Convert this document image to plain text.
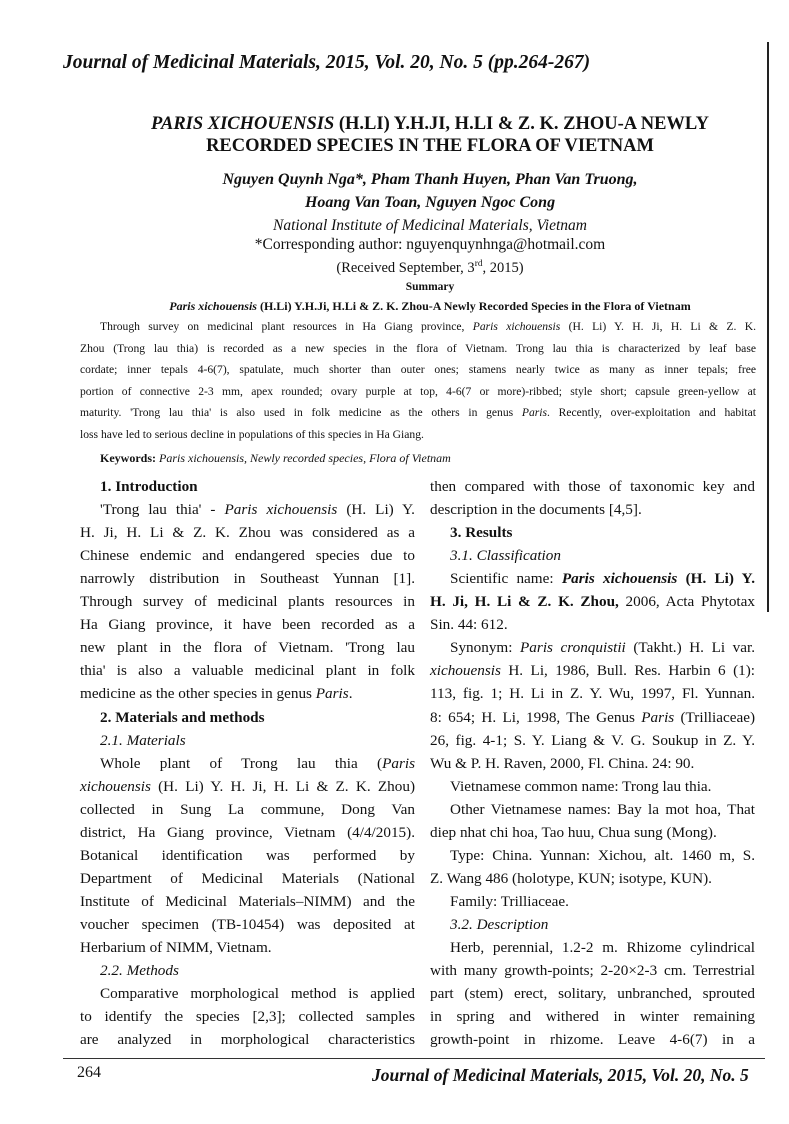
Journal of Medicinal Materials, 2015, Vol. 20, No. 5 (pp.264-267)
PARIS XICHOUENSIS (H.LI) Y.H.JI, H.LI & Z. K. ZHOU-A NEWLY
RECORDED SPECIES IN THE FLORA OF VIETNAM
Nguyen Quynh Nga*, Pham Thanh Huyen, Phan Van Truong,
Hoang Van Toan, Nguyen Ngoc Cong
National Institute of Medicinal Materials, Vietnam
*Corresponding author: nguyenquynhnga@hotmail.com
(Received September, 3rd, 2015)
Summary
Paris xichouensis (H.Li) Y.H.Ji, H.Li & Z. K. Zhou-A Newly Recorded Species in the Flora of Vietnam
Through survey on medicinal plant resources in Ha Giang province, Paris xichouensis (H. Li) Y. H. Ji, H. Li & Z. K.
Zhou (Trong lau thia) is recorded as a new species in the flora of Vietnam. Trong lau thia is characterized by leaf base
cordate; inner tepals 4-6(7), spatulate, much shorter than outer ones; stamens nearly twice as many as inner tepals; free
portion of connective 2-3 mm, apex rounded; ovary purple at top, 4-6(7 or more)-ribbed; style short; capsule green-yellow at
maturity. 'Trong lau thia' is also used in folk medicine as the others in genus Paris. Recently, over-exploitation and habitat
loss have led to serious decline in populations of this species in Ha Giang.
Keywords: Paris xichouensis, Newly recorded species, Flora of Vietnam
1. Introduction
'Trong lau thia' - Paris xichouensis (H. Li) Y.
H. Ji, H. Li & Z. K. Zhou was considered as a
Chinese endemic and endangered species due to
narrowly distribution in Southeast Yunnan [1].
Through survey of medicinal plants resources in
Ha Giang province, it have been recorded as a
new plant in the flora of Vietnam. 'Trong lau
thia' is also a valuable medicinal plant in folk
medicine as the other species in genus Paris.
2. Materials and methods
2.1. Materials
Whole plant of Trong lau thia (Paris
xichouensis (H. Li) Y. H. Ji, H. Li & Z. K. Zhou)
collected in Sung La commune, Dong Van
district, Ha Giang province, Vietnam (4/4/2015).
Botanical identification was performed by
Department of Medicinal Materials (National
Institute of Medicinal Materials–NIMM) and the
voucher specimen (TB-10454) was deposited at
Herbarium of NIMM, Vietnam.
2.2. Methods
Comparative morphological method is applied
to identify the species [2,3]; collected samples
are analyzed in morphological characteristics
then compared with those of taxonomic key and
description in the documents [4,5].
3. Results
3.1. Classification
Scientific name: Paris xichouensis (H. Li) Y.
H. Ji, H. Li & Z. K. Zhou, 2006, Acta Phytotax
Sin. 44: 612.
Synonym: Paris cronquistii (Takht.) H. Li var.
xichouensis H. Li, 1986, Bull. Res. Harbin 6 (1):
113, fig. 1; H. Li in Z. Y. Wu, 1997, Fl. Yunnan.
8: 654; H. Li, 1998, The Genus Paris (Trilliaceae)
26, fig. 4-1; S. Y. Liang & V. G. Soukup in Z. Y.
Wu & P. H. Raven, 2000, Fl. China. 24: 90.
Vietnamese common name: Trong lau thia.
Other Vietnamese names: Bay la mot hoa, That
diep nhat chi hoa, Tao huu, Chua sung (Mong).
Type: China. Yunnan: Xichou, alt. 1460 m, S.
Z. Wang 486 (holotype, KUN; isotype, KUN).
Family: Trilliaceae.
3.2. Description
Herb, perennial, 1.2-2 m. Rhizome cylindrical
with many growth-points; 2-20×2-3 cm. Terrestrial
part (stem) erect, solitary, unbranched, sprouted
in spring and withered in winter remaining
growth-point in rhizome. Leave 4-6(7) in a
264	Journal of Medicinal Materials, 2015, Vol. 20, No. 5
